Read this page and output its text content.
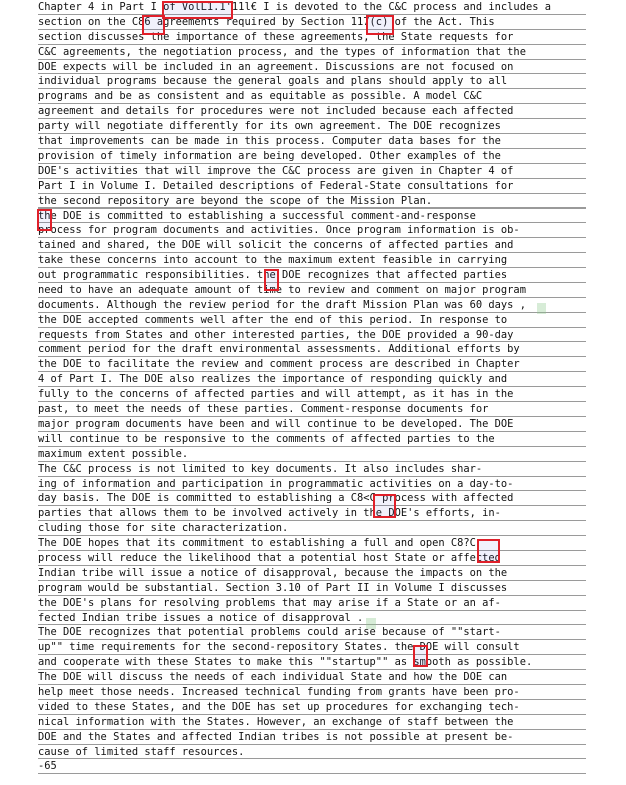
Chapter 4 in Part I of VolL1.1'11l€ I is devoted to the C&C process and includes a
section on the C86 agreements required by Section 117(c) of the Act. This
section discusses the importance of these agreements, the State requests for
C&C agreements, the negotiation process, and the types of information that the
DOE expects will be included in an agreement. Discussions are not focused on
individual programs because the general goals and plans should apply to all
programs and be as consistent and as equitable as possible. A model C&C
agreement and details for procedures were not included because each affected
party will negotiate differently for its own agreement. The DOE recognizes
that improvements can be made in this process. Computer data bases for the
provision of timely information are being developed. Other examples of the
DOE's activities that will improve the C&C process are given in Chapter 4 of
Part I in Volume I. Detailed descriptions of Federal-State consultations for
the second repository are beyond the scope of the Mission Plan.
the DOE is committed to establishing a successful comment-and-response
process for program documents and activities. Once program information is ob-
tained and shared, the DOE will solicit the concerns of affected parties and
take these concerns into account to the maximum extent feasible in carrying
out programmatic responsibilities. the DOE recognizes that affected parties
need to have an adequate amount of time to review and comment on major program
documents. Although the review period for the draft Mission Plan was 60 days ,
the DOE accepted comments well after the end of this period. In response to
requests from States and other interested parties, the DOE provided a 90-day
comment period for the draft environmental assessments. Additional efforts by
the DOE to facilitate the review and comment process are described in Chapter
4 of Part I. The DOE also realizes the importance of responding quickly and
fully to the concerns of affected parties and will attempt, as it has in the
past, to meet the needs of these parties. Comment-response documents for
major program documents have been and will continue to be developed. The DOE
will continue to be responsive to the comments of affected parties to the
maximum extent possible.
The C&C process is not limited to key documents. It also includes shar-
ing of information and participation in programmatic activities on a day-to-
day basis. The DOE is committed to establishing a C8<C process with affected
parties that allows them to be involved actively in the DOE's efforts, in-
cluding those for site characterization.
The DOE hopes that its commitment to establishing a full and open C8?C
process will reduce the likelihood that a potential host State or affected
Indian tribe will issue a notice of disapproval, because the impacts on the
program would be substantial. Section 3.10 of Part II in Volume I discusses
the DOE's plans for resolving problems that may arise if a State or an af-
fected Indian tribe issues a notice of disapproval .
The DOE recognizes that potential problems could arise because of ""start-
up"" time requirements for the second-repository States. the DOE will consult
and cooperate with these States to make this ""startup"" as smooth as possible.
The DOE will discuss the needs of each individual State and how the DOE can
help meet those needs. Increased technical funding from grants have been pro-
vided to these States, and the DOE has set up procedures for exchanging tech-
nical information with the States. However, an exchange of staff between the
DOE and the States and affected Indian tribes is not possible at present be-
cause of limited staff resources.
-65
